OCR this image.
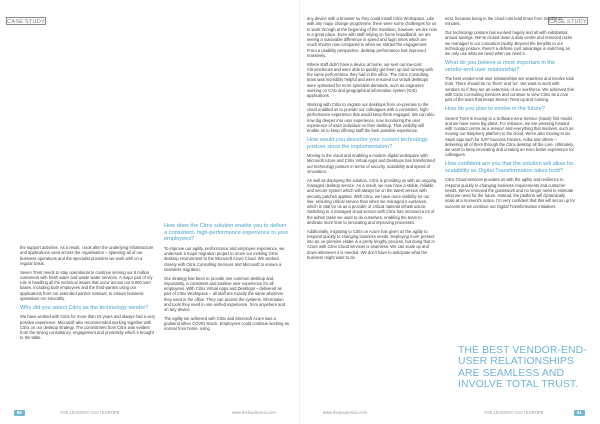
CASE STUDY	CASE STUDY

the support activities. As a result, I look after the underlying infrastructure and applications used across the organisation – spanning all of our business operations and the specialist providers we work with on a regular basis.

Seven Trent needs to stay operational to continue serving our 8 million customers with fresh water and waste water services. A major part of my role is handling all the technical issues that occur across our 8,000 user bases, including both employees and the third-parties using our applications from our extended partner network, to ensure business operations run smoothly.

Why did you select Citrix as the technology vendor?

We have worked with Citrix for more than 15 years and always had a very positive experience. Microsoft also recommended working together with Citrix on our desktop strategy. The commitment from Citrix was evident from the strong consultancy, engagement and proactivity which it brought to the table.

How does the Citrix solution enable you to deliver a consistent, high-performance experience to your employees?

To improve our agility, performance and employee experience, we undertook a major migration project to move our existing Citrix desktop environment to the Microsoft Azure Cloud. We worked closely with Citrix Consulting Services and Microsoft to ensure a seamless migration.

Our strategy has been to provide one common desktop and, importantly, a consistent and positive user experience for all employees. With Citrix Virtual Apps and Desktops – delivered as part of Citrix Workspace – all staff are exactly the same wherever they used in the office. They can access the systems, information and tools they need in one unified experience, from anywhere and on any device.

The agility we achieved with Citrix and Microsoft Azure was a godsend when COVID struck. Employees could continue working as normal from home, using

any device with a browser so they could install Citrix Workspace. Like with any major change programme, there were some challenges for us to work through at the beginning of the transition, however, we are now in a great place. Even with staff relying on home broadband, we are seeing a noticeable difference in speed and login times which are much shorter now compared to when we started the engagement. From a usability perspective, desktop performance has improved massively.

Where staff didn't have a device at home, we sent out low-cost Chromebooks and were able to quickly get them up and running with the same performance they had in the office. The Citrix Consulting team was incredibly helpful and were ensured our virtual desktops were optimised for more specialist demands, such as engineers working on CAD and geographical information system (GIS) applications.

Working with Citrix to migrate our desktops from on-premise to the cloud enabled us to provide our colleagues with a consistent, high-performance experience that would keep them engaged. We can also now dig deeper into user experience, now monitoring the user experience of each individual on their desktop. That visibility will enable us to keep offering staff the best possible experience.

How would you describe your current technology posture since the implementation?

Moving to the cloud and enabling a modern digital workspace with Microsoft Azure and Citrix Virtual Apps and Desktops has transformed our technology posture in terms of security, scalability and speed of innovation.

As well as deploying the solution, Citrix is providing us with an ongoing managed desktop service. As a result, we now have a stable, reliable and secure system which will always be on the latest version with security patches applied. With Citrix, we have more visibility for our line, ensuring critical service than when we managed it ourselves, which is vital for us as a provider of critical national infrastructure. Switching to a managed cloud service with Citrix has removed a lot of the admin tasks we used to do ourselves, enabling the team to dedicate more time to innovating and improving processes.

Additionally, migrating to Citrix on Azure has given us the agility to respond quickly to changing business needs. Deploying more present into an on-premise estate is a pretty lengthy process, but doing that in Azure with Citrix Cloud services is seamless. We can scale up and down whenever it is needed. We don't have to anticipate what the business might want to do

next, because being in the cloud cuts lead times from months to minutes.

Our technology posture has evolved hugely and all with substantial annual savings. We've closed down a data centre and removed racks we managed in our colocation facility. Beyond the benefits to our technology posture, there's a definite cost advantage in switching as we only use what we need when we need it.

What do you believe is most important in the vendor-end-user relationship?

The best vendor-end-user relationships are seamless and involve total trust. There should be no 'them' and 'us'. We want to work with vendors so if they are an extension of our workforce. We achieved this with Citrix Consulting Services and continue to view Citrix as a core part of the team that keeps Severn Trent up and running.

How do you plan to evolve in the future?

Severn Trent is moving to a Software-as-a-Service (SaaS) first model and we have some big plans. For instance, we are pressing forward with 'contact centre as a service' and everything that involves, such as moving our telephony platform to the cloud. We're also moving to six SaaS approach for SAP Success Factors, Ariba and others – delivering all of them through the Citrix desktop all the core. Ultimately, we want to keep innovating and creating an even better experience for colleagues.

How confident are you that the solution will allow for scalability as Digital Transformation takes hold?

Citrix Cloud services provides us with the agility and resilience to respond quickly to changing business requirements and customer needs. We've removed the guesswork and no longer need to estimate what we need for the future. Instead, the platform will dynamically scale at a moment's notice. I'm very confident that this will set us up for success as we continue our Digital Transformation initiatives.

THE BEST VENDOR-END-USER RELATIONSHIPS ARE SEAMLESS AND INVOLVE TOTAL TRUST.
60	THE LEADERS' CIO | EUROPE	www.theleaderscio.com	www.theleaderscio.com	THE LEADERS' CIO | EUROPE	61
